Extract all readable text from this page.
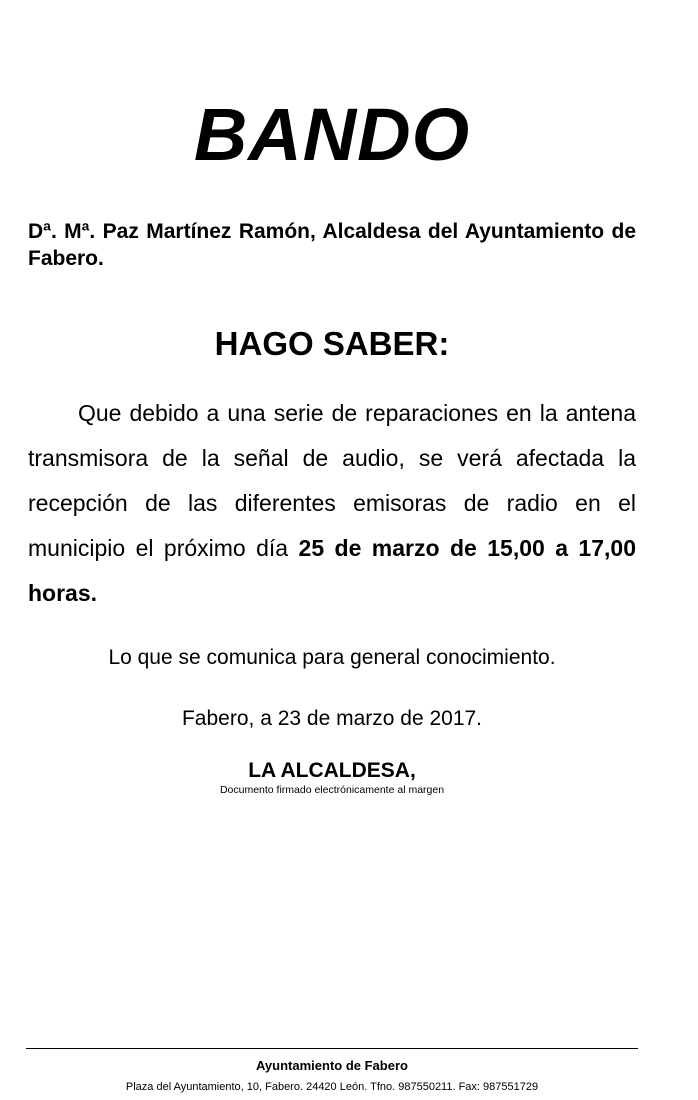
BANDO

Dª. Mª. Paz Martínez Ramón, Alcaldesa del Ayuntamiento de Fabero.

HAGO SABER:

Que debido a una serie de reparaciones en la antena transmisora de la señal de audio, se verá afectada la recepción de las diferentes emisoras de radio en el municipio el próximo día 25 de marzo de 15,00 a 17,00 horas.

Lo que se comunica para general conocimiento.

Fabero, a 23 de marzo de 2017.

LA ALCALDESA,

Documento firmado electrónicamente al margen

Ayuntamiento de Fabero

Plaza del Ayuntamiento, 10, Fabero. 24420 León. Tfno. 987550211. Fax: 987551729
